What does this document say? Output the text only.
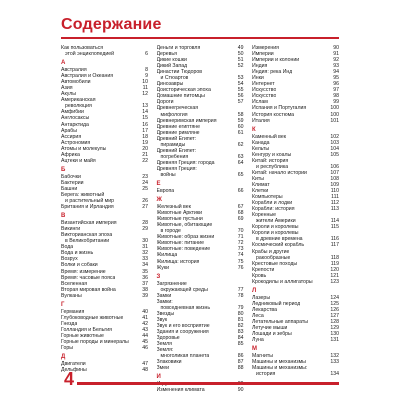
Содержание
Как пользоваться
этой энциклопедией	6
А
Австралия	8
Австралия и Океания	9
Автомобили	10
Азия	11
Акулы	12
Американская
революция	13
Амфибии	14
Англосаксы	15
Антарктида	16
Арабы	17
Ассирия	18
Астрономия	19
Атомы и молекулы	20
Африка	21
Ацтеки и майя	22
Б
Бабочки	23
Бактерии	24
Башни	25
Берега: животный
и растительный мир	26
Британия и Ирландия	27
В
Византийская империя	28
Викинги	29
Викторианская эпоха
в Великобритании	30
Вода	31
Вода и жизнь	32
Возрух	33
Волки и собаки	34
Время: измерение	35
Время: часовые пояса	36
Вселенная	37
Вторая мировая война	38
Вулканы	39
Г
Германия	40
Глубоководные животные	41
Гнезда	42
Голландия и Бельгия	43
Горные животные	44
Горные породы и минералы	45
Горы	46
Д
Двигатели	47
Дельфины	48
Деньги и торговля	49
Деревья	50
Дикие кошки	51
Дикий Запад	52
Династии Тюдоров
и Стюартов	53
Динозавры	54
Доисторическая эпоха	55
Домашние питомцы	56
Дороги	57
Древнегреческая
мифология	58
Древнеримская империя	59
Древние египтяне	60
Древние римляне	61
Древний Египет:
пирамиды	62
Древний Египет:
погребения	63
Древняя Греция: города	64
Древняя Греция:
войны	65
Е
Европа	66
Ж
Железный век	67
Животные Арктики	68
Животные пустыни	69
Животные, обитающие
в городе	70
Животные: образ жизни	71
Животные: питание	72
Животные: поведение	73
Жилища	74
Жилища: история	75
Жуки	76
З
Загрязнение
окружающей среды	77
Замки	78
Замки:
повседневная жизнь	79
Звезды	80
Звук	81
Звук и его восприятие	82
Здания и сооружения	83
Здоровье	84
Земля	85
Земля:
многоликая планета	86
Злаковики	87
Змеи	88
И
Изменения климата	90
Измерения	90
Империи	91
Империи и колонии	92
Индия	93
Индия: река Инд	94
Инки	95
Интернет	96
Искусство	97
Искусство	98
Ислам	99
Испания и Португалия	100
История костюма	100
Италия	101
К
Каменный век	102
Канада	103
Кельты	104
Кенгуру и коалы	105
Китай: история
и республика	106
Китай: начало истории	107
Киты	108
Климат	109
Клетки	110
Компьютеры	111
Корабли и лодки	112
Корабли: история	113
Коренные
жители Америки	114
Короли и королевы	115
Короли и королевы
в древние времена	116
Космический корабль	117
Крабы и другие
ракообразные	118
Крестовые походы	119
Крепости	120
Кровь	121
Крокодилы и аллигаторы	123
Л
Лазеры	124
Ледниковый период	125
Лекарства	126
Леса	127
Летательные аппараты	128
Летучие мыши	129
Лошади и зебры	130
Луна	131
М
Магниты	132
Машины и механизмы	133
Машины и механизмы:
история	134
4
